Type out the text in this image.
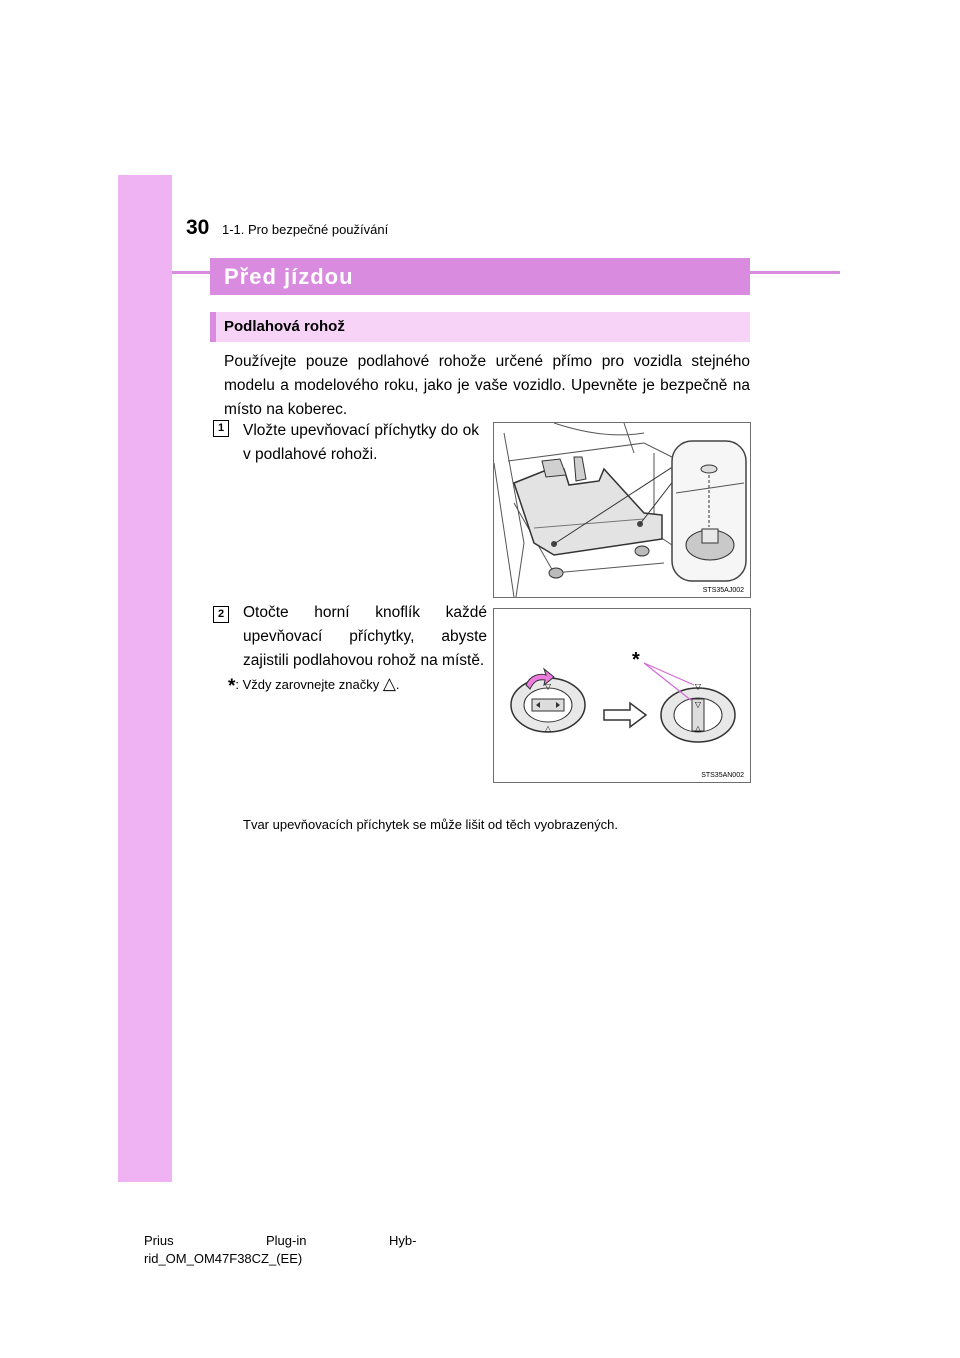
30 1-1. Pro bezpečné používání
Před jízdou
Podlahová rohož
Používejte pouze podlahové rohože určené přímo pro vozidla stejného modelu a modelového roku, jako je vaše vozidlo. Upevněte je bezpečně na místo na koberec.
1	Vložte upevňovací příchytky do ok v podlahové rohoži.
STS35AJ002
2	Otočte horní knoflík každé upevňovací příchytky, abyste zajistili podlahovou rohož na místě.
*: Vždy zarovnejte značky △.	▽
△
▽
▽
△
*
STS35AN002
Tvar upevňovacích příchytek se může lišit od těch vyobrazených.
Prius	Plug-in	Hyb-
rid_OM_OM47F38CZ_(EE)
